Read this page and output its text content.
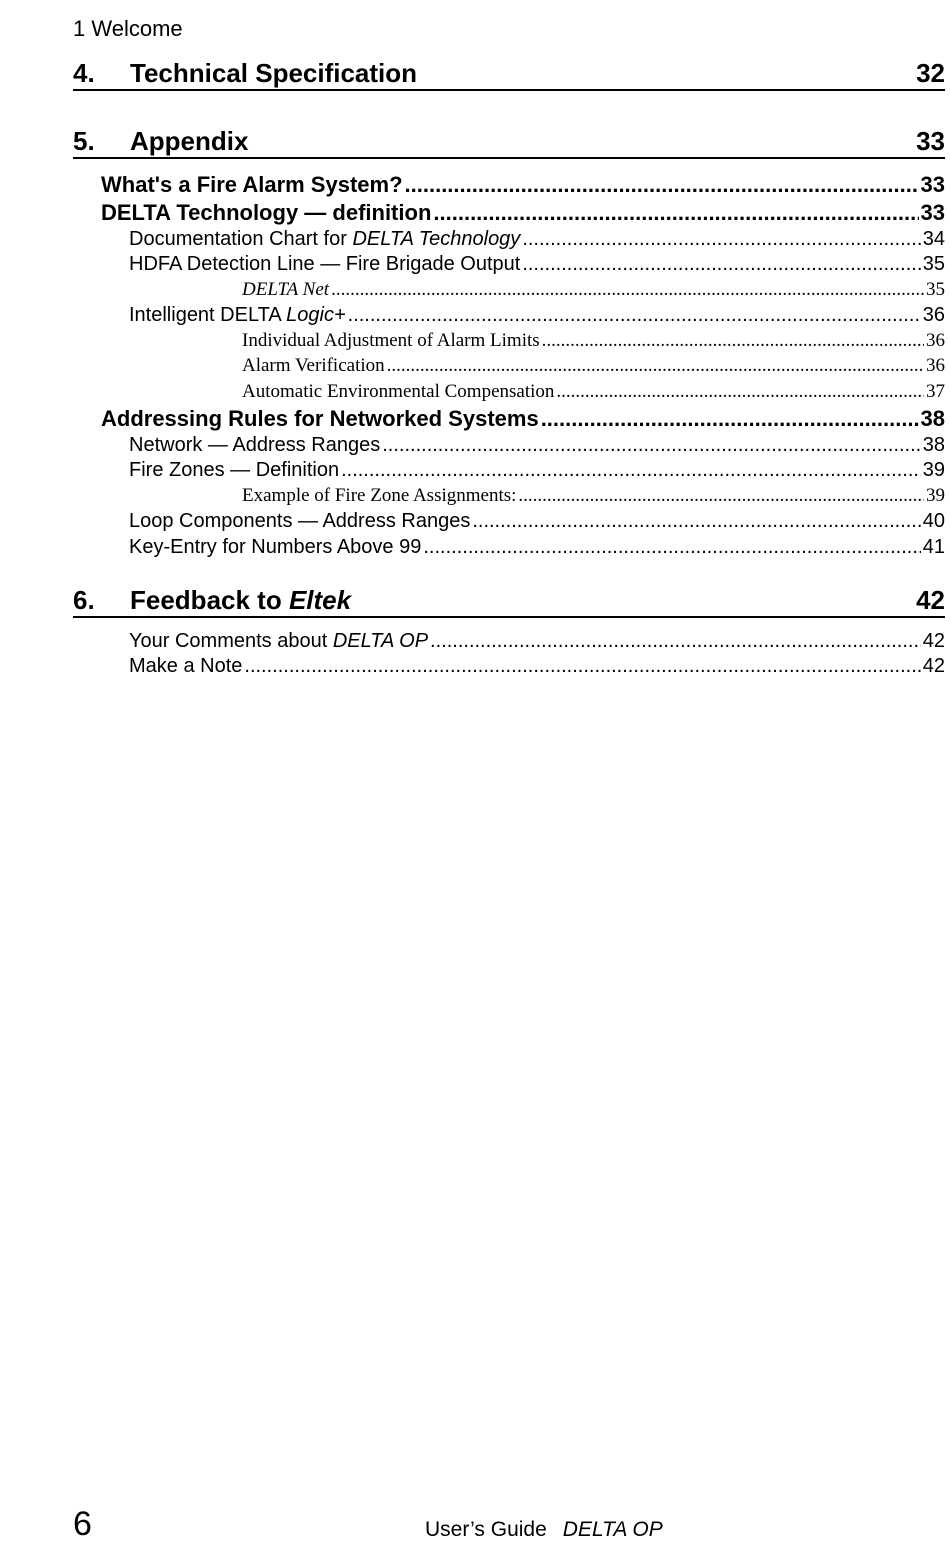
1 Welcome
4.	Technical Specification	32
5.	Appendix	33
What's a Fire Alarm System? .....	33
DELTA Technology — definition .....	33
Documentation Chart for DELTA Technology .....	34
HDFA Detection Line — Fire Brigade Output .....	35
DELTA Net .....	35
Intelligent DELTA Logic+ .....	36
Individual Adjustment of Alarm Limits .....	36
Alarm Verification .....	36
Automatic Environmental Compensation .....	37
Addressing Rules for Networked Systems .....	38
Network — Address Ranges .....	38
Fire Zones — Definition .....	39
Example of Fire Zone Assignments: .....	39
Loop Components — Address Ranges .....	40
Key-Entry for Numbers Above 99 .....	41
6.	Feedback to Eltek	42
Your Comments about DELTA OP .....	42
Make a Note .....	42
6	User’s Guide DELTA OP
